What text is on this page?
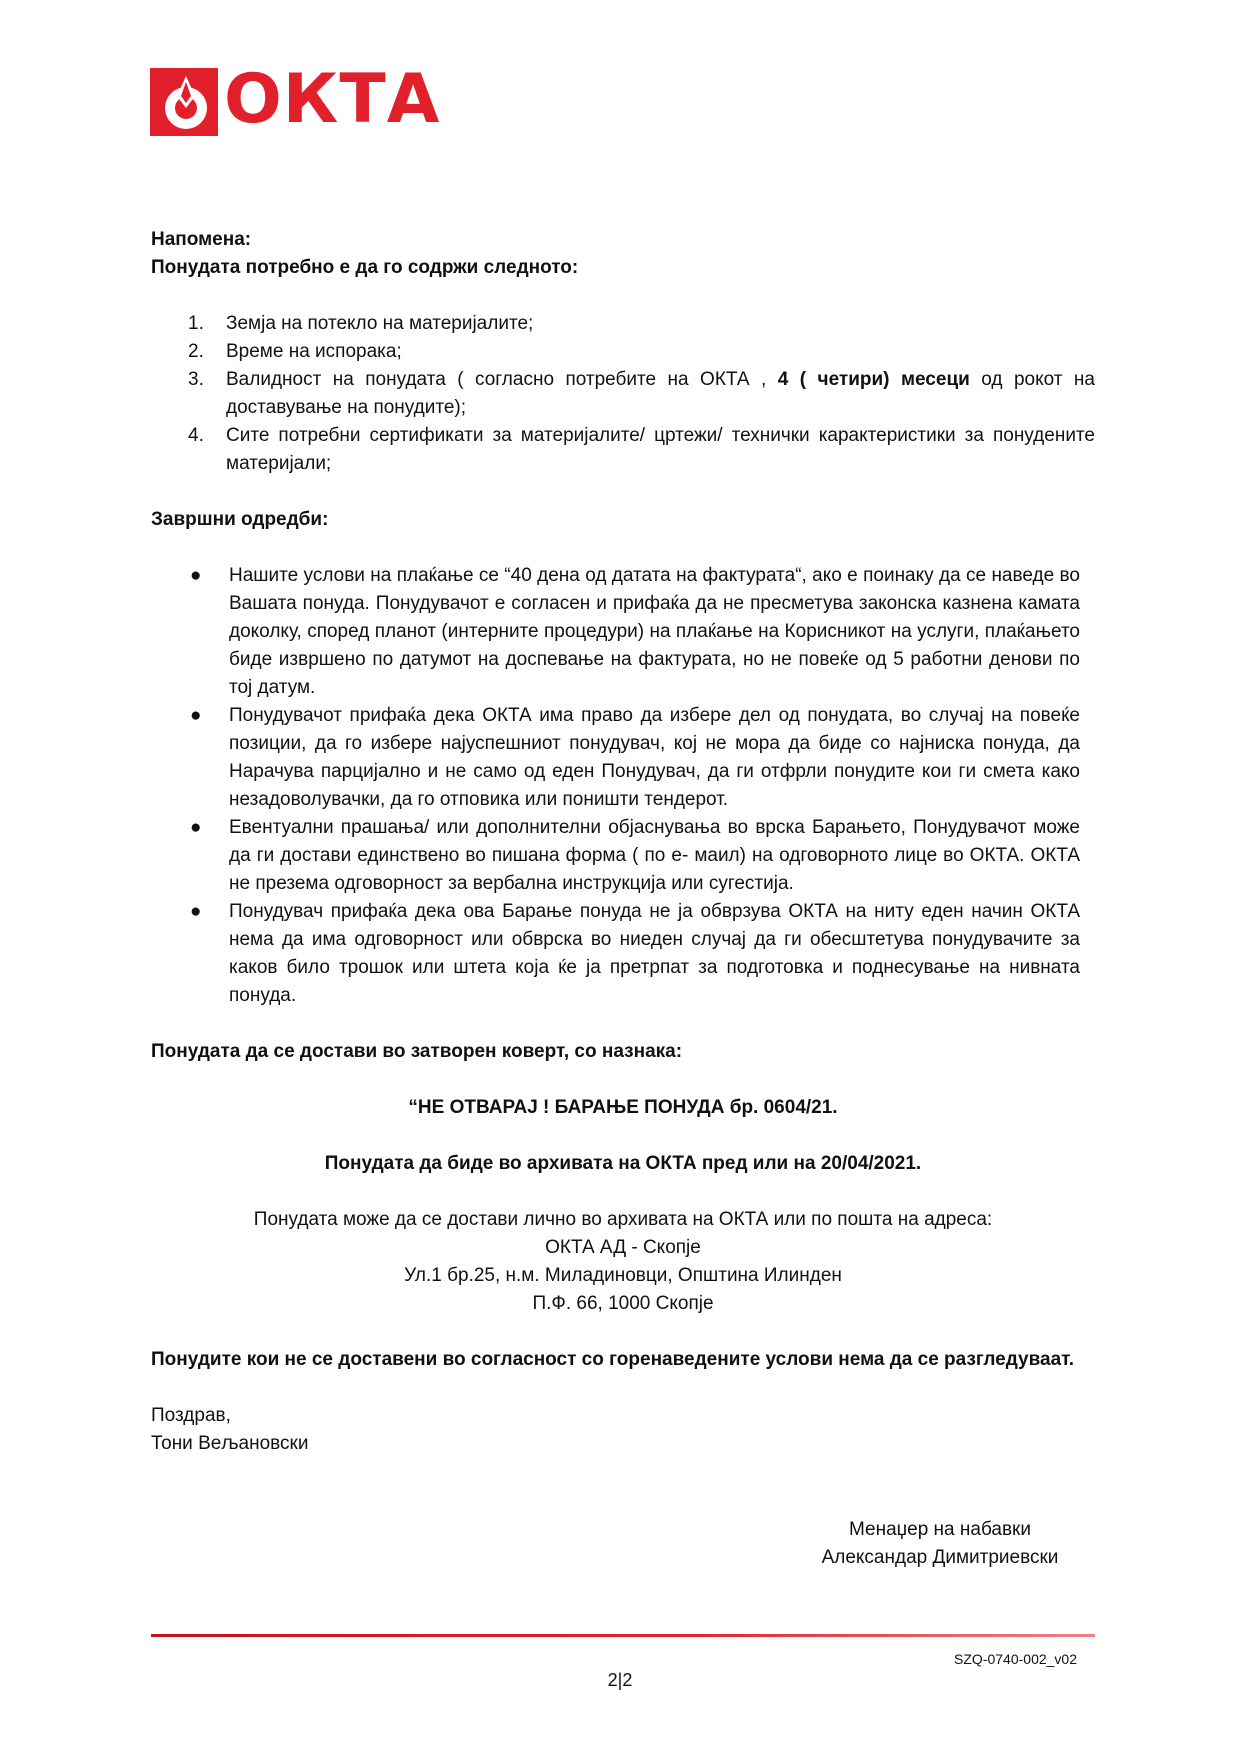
ОКТА

Напомена:

Понудата потребно е да го содржи следното:

1. Земја на потекло на материјалите;
2. Време на испорака;
3. Валидност на понудата ( согласно потребите на ОКТА , 4 ( четири) месеци од рокот на доставување на понудите);
4. Сите потребни сертификати за материјалите/ цртежи/ технички карактеристики за понудените материјали;

Завршни одредби:

● Нашите услови на плаќање се “40 дена од датата на фактурата“, ако е поинаку да се наведе во Вашата понуда. Понудувачот е согласен и прифаќа да не пресметува законска казнена камата доколку, според планот (интерните процедури) на плаќање на Корисникот на услуги, плаќањето биде извршено по датумот на доспевање на фактурата, но не повеќе од 5 работни денови по тој датум.
● Понудувачот прифаќа дека ОКТА има право да избере дел од понудата, во случај на повеќе позиции, да го избере најуспешниот понудувач, кој не мора да биде со најниска понуда, да Нарачува парцијално и не само од еден Понудувач, да ги отфрли понудите кои ги смета како незадоволувачки, да го отповика или поништи тендерот.
● Евентуални прашања/ или дополнителни објаснувања во врска Барањето, Понудувачот може да ги достави единствено во пишана форма ( по е- маил) на одговорното лице во ОКТА. ОКТА не презема одговорност за вербална инструкција или сугестија.
● Понудувач прифаќа дека ова Барање понуда не ја обврзува ОКТА на ниту еден начин ОКТА нема да има одговорност или обврска во ниеден случај да ги обесштетува понудувачите за каков било трошок или штета која ќе ја претрпат за подготовка и поднесување на нивната понуда.

Понудата да се достави во затворен коверт, со назнака:

“НЕ ОТВАРАЈ ! БАРАЊЕ ПОНУДА бр. 0604/21.

Понудата да биде во архивата на ОКТА пред или на 20/04/2021.

Понудата може да се достави лично во архивата на ОКТА или по пошта на адреса:

ОКТА АД - Скопје

Ул.1 бр.25, н.м. Миладиновци, Општина Илинден

П.Ф. 66, 1000 Скопје

Понудите кои не се доставени во согласност со горенаведените услови нема да се разгледуваат.

Поздрав,

Тони Вељановски

Менаџер на набавки
Александар Димитриевски
SZQ-0740-002_v02
2|2
